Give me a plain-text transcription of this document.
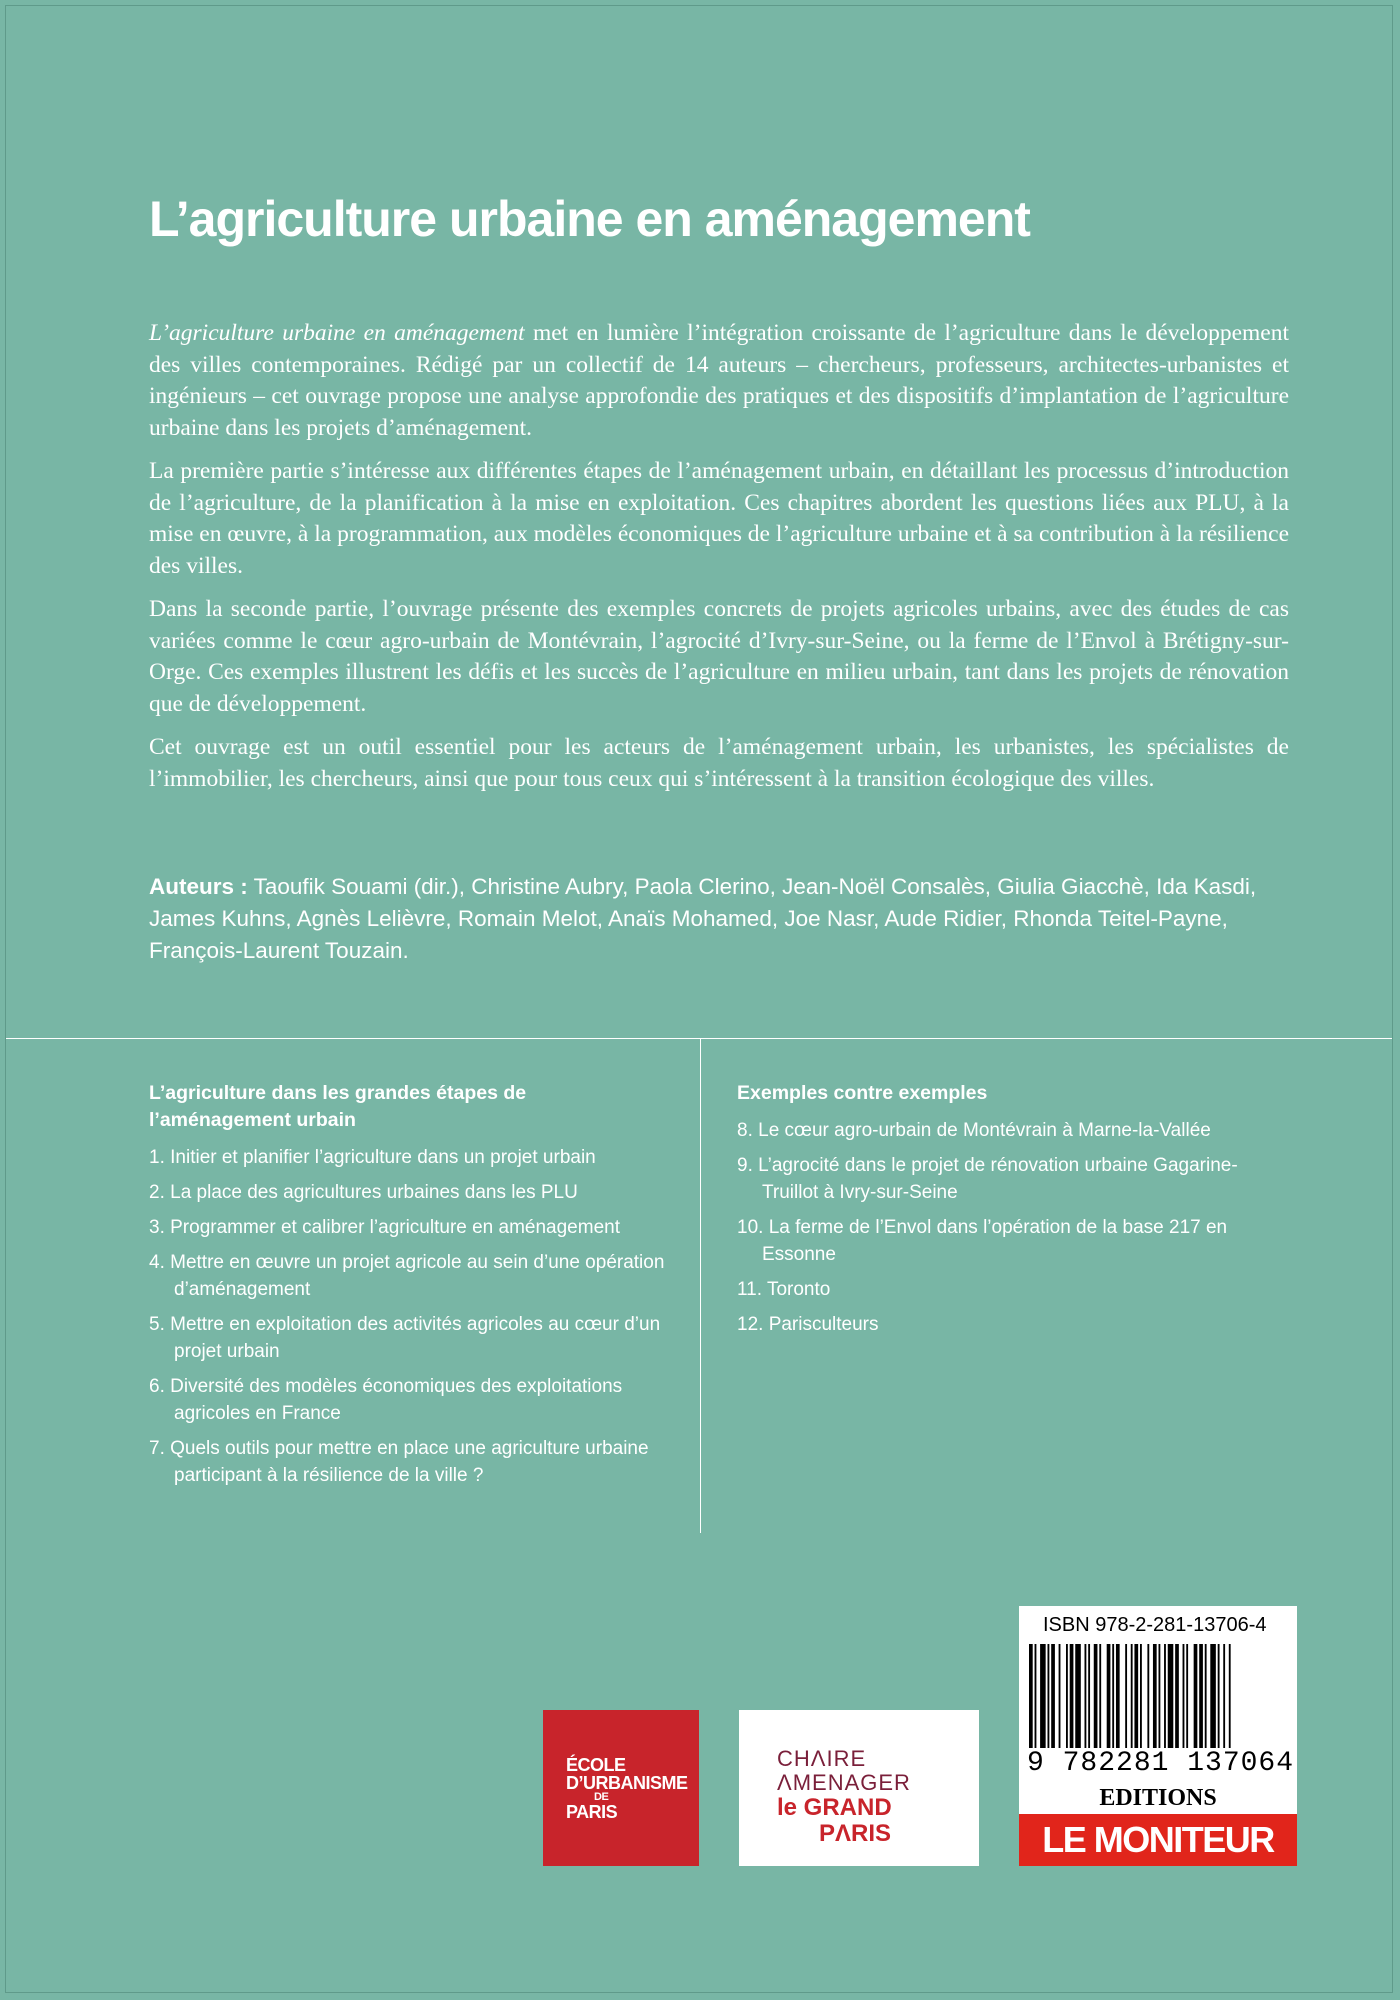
L’agriculture urbaine en aménagement

L’agriculture urbaine en aménagement met en lumière l’intégration croissante de l’agriculture dans le développement des villes contemporaines. Rédigé par un collectif de 14 auteurs – chercheurs, professeurs, architectes-urbanistes et ingénieurs – cet ouvrage propose une analyse approfondie des pratiques et des dispositifs d’implantation de l’agriculture urbaine dans les projets d’aménagement.

La première partie s’intéresse aux différentes étapes de l’aménagement urbain, en détaillant les processus d’introduction de l’agriculture, de la planification à la mise en exploitation. Ces chapitres abordent les questions liées aux PLU, à la mise en œuvre, à la programmation, aux modèles économiques de l’agriculture urbaine et à sa contribution à la résilience des villes.

Dans la seconde partie, l’ouvrage présente des exemples concrets de projets agricoles urbains, avec des études de cas variées comme le cœur agro-urbain de Montévrain, l’agrocité d’Ivry-sur-Seine, ou la ferme de l’Envol à Brétigny-sur-Orge. Ces exemples illustrent les défis et les succès de l’agriculture en milieu urbain, tant dans les projets de rénovation que de développement.

Cet ouvrage est un outil essentiel pour les acteurs de l’aménagement urbain, les urbanistes, les spécialistes de l’immobilier, les chercheurs, ainsi que pour tous ceux qui s’intéressent à la transition écologique des villes.

Auteurs : Taoufik Souami (dir.), Christine Aubry, Paola Clerino, Jean-Noël Consalès, Giulia Giacchè, Ida Kasdi, James Kuhns, Agnès Lelièvre, Romain Melot, Anaïs Mohamed, Joe Nasr, Aude Ridier, Rhonda Teitel-Payne, François-Laurent Touzain.
L’agriculture dans les grandes étapes de l’aménagement urbain
1. Initier et planifier l’agriculture dans un projet urbain
2. La place des agricultures urbaines dans les PLU
3. Programmer et calibrer l’agriculture en aménagement
4. Mettre en œuvre un projet agricole au sein d’une opération d’aménagement
5. Mettre en exploitation des activités agricoles au cœur d’un projet urbain
6. Diversité des modèles économiques des exploitations agricoles en France
7. Quels outils pour mettre en place une agriculture urbaine participant à la résilience de la ville ?
Exemples contre exemples
8. Le cœur agro-urbain de Montévrain à Marne-la-Vallée
9. L’agrocité dans le projet de rénovation urbaine Gagarine-Truillot à Ivry-sur-Seine
10. La ferme de l’Envol dans l’opération de la base 217 en Essonne
11. Toronto
12. Parisculteurs
ÉCOLE
D’URBANISME

DE
PARIS
CHΛIRE
ΛMENAGER
le GRAND
PΛRIS
ISBN 978-2-281-13706-4
9 782281 137064
EDITIONS
LE MONITEUR
